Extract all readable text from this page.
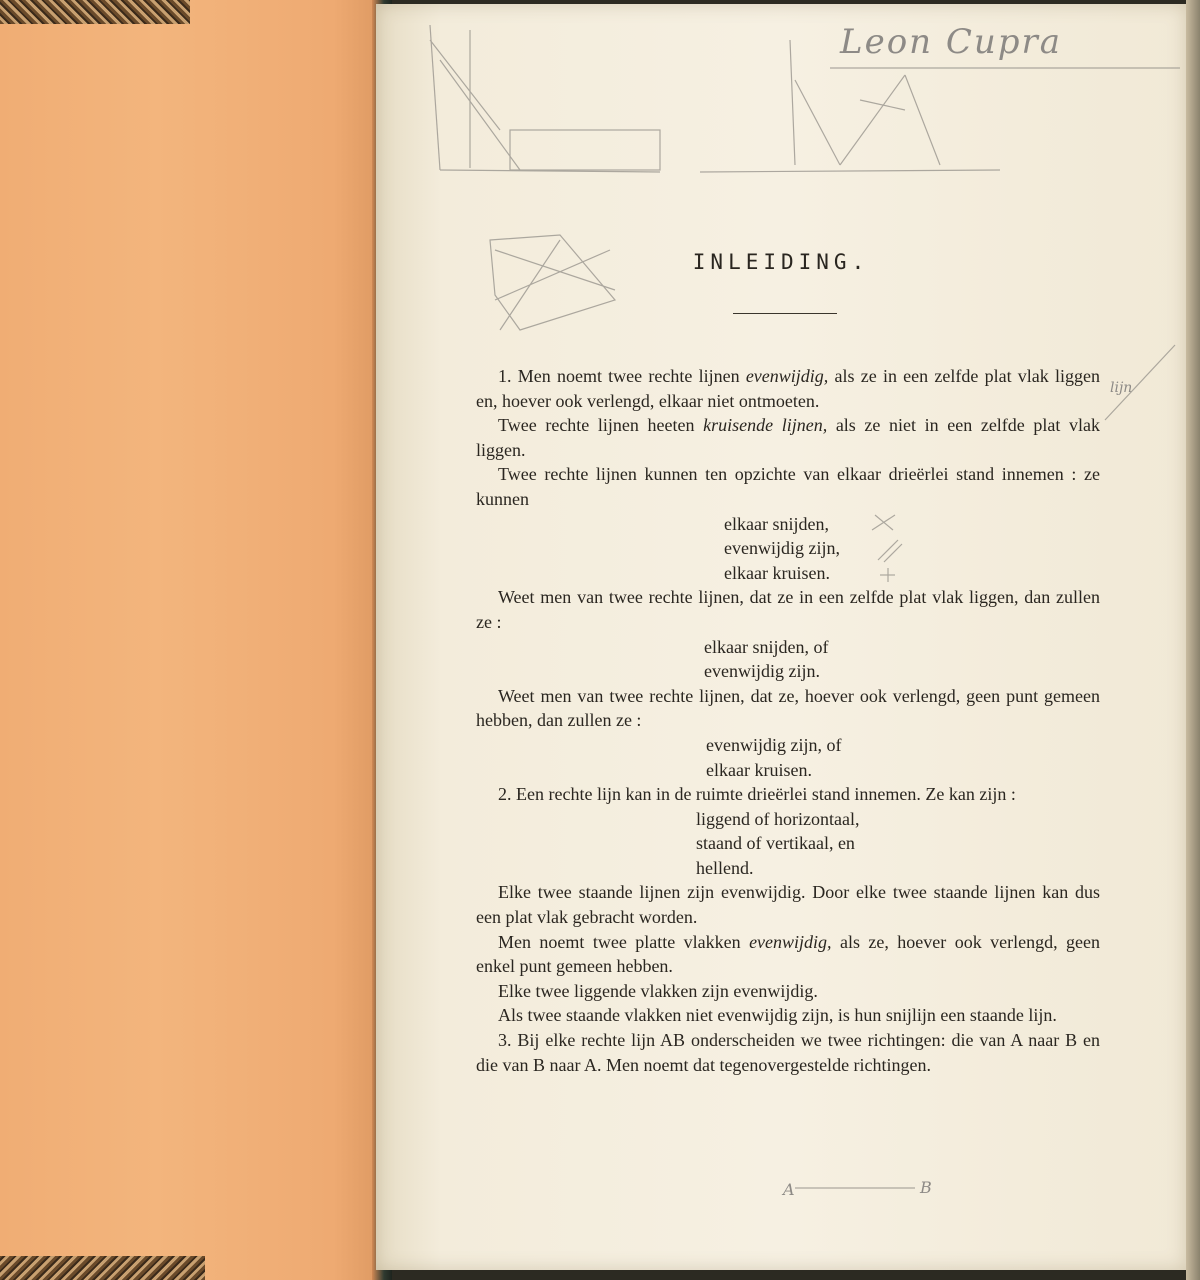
Leon Cupra
lijn
A	B
INLEIDING.

1. Men noemt twee rechte lijnen evenwijdig, als ze in een zelfde plat vlak liggen en, hoever ook verlengd, elkaar niet ontmoeten.

Twee rechte lijnen heeten kruisende lijnen, als ze niet in een zelfde plat vlak liggen.

Twee rechte lijnen kunnen ten opzichte van elkaar drieërlei stand innemen : ze kunnen

elkaar snijden,
evenwijdig zijn,
elkaar kruisen.

Weet men van twee rechte lijnen, dat ze in een zelfde plat vlak liggen, dan zullen ze :

elkaar snijden, of
evenwijdig zijn.

Weet men van twee rechte lijnen, dat ze, hoever ook verlengd, geen punt gemeen hebben, dan zullen ze :

evenwijdig zijn, of
elkaar kruisen.

2. Een rechte lijn kan in de ruimte drieërlei stand innemen. Ze kan zijn :

liggend of horizontaal,
staand of vertikaal, en
hellend.

Elke twee staande lijnen zijn evenwijdig. Door elke twee staande lijnen kan dus een plat vlak gebracht worden.

Men noemt twee platte vlakken evenwijdig, als ze, hoever ook verlengd, geen enkel punt gemeen hebben.

Elke twee liggende vlakken zijn evenwijdig.

Als twee staande vlakken niet evenwijdig zijn, is hun snijlijn een staande lijn.

3. Bij elke rechte lijn AB onderscheiden we twee richtingen: die van A naar B en die van B naar A. Men noemt dat tegenovergestelde richtingen.
